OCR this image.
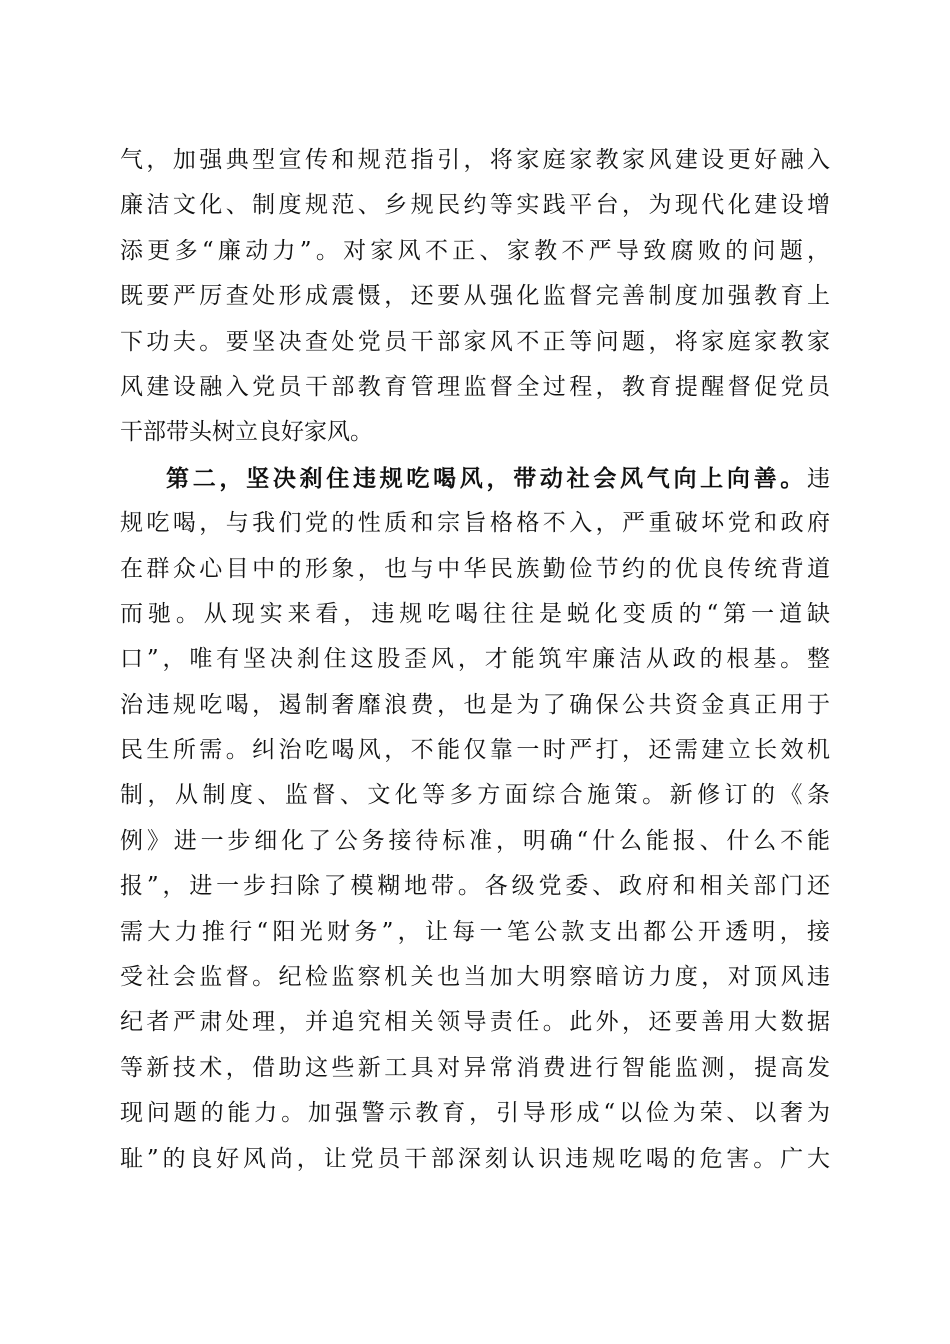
气，加强典型宣传和规范指引，将家庭家教家风建设更好融入
廉洁文化、制度规范、乡规民约等实践平台，为现代化建设增
添更多“廉动力”。对家风不正、家教不严导致腐败的问题，
既要严厉查处形成震慑，还要从强化监督完善制度加强教育上
下功夫。要坚决查处党员干部家风不正等问题，将家庭家教家
风建设融入党员干部教育管理监督全过程，教育提醒督促党员
干部带头树立良好家风。
第二，坚决刹住违规吃喝风，带动社会风气向上向善。违
规吃喝，与我们党的性质和宗旨格格不入，严重破坏党和政府
在群众心目中的形象，也与中华民族勤俭节约的优良传统背道
而驰。从现实来看，违规吃喝往往是蜕化变质的“第一道缺
口”，唯有坚决刹住这股歪风，才能筑牢廉洁从政的根基。整
治违规吃喝，遏制奢靡浪费，也是为了确保公共资金真正用于
民生所需。纠治吃喝风，不能仅靠一时严打，还需建立长效机
制，从制度、监督、文化等多方面综合施策。新修订的《条
例》进一步细化了公务接待标准，明确“什么能报、什么不能
报”，进一步扫除了模糊地带。各级党委、政府和相关部门还
需大力推行“阳光财务”，让每一笔公款支出都公开透明，接
受社会监督。纪检监察机关也当加大明察暗访力度，对顶风违
纪者严肃处理，并追究相关领导责任。此外，还要善用大数据
等新技术，借助这些新工具对异常消费进行智能监测，提高发
现问题的能力。加强警示教育，引导形成“以俭为荣、以奢为
耻”的良好风尚，让党员干部深刻认识违规吃喝的危害。广大
